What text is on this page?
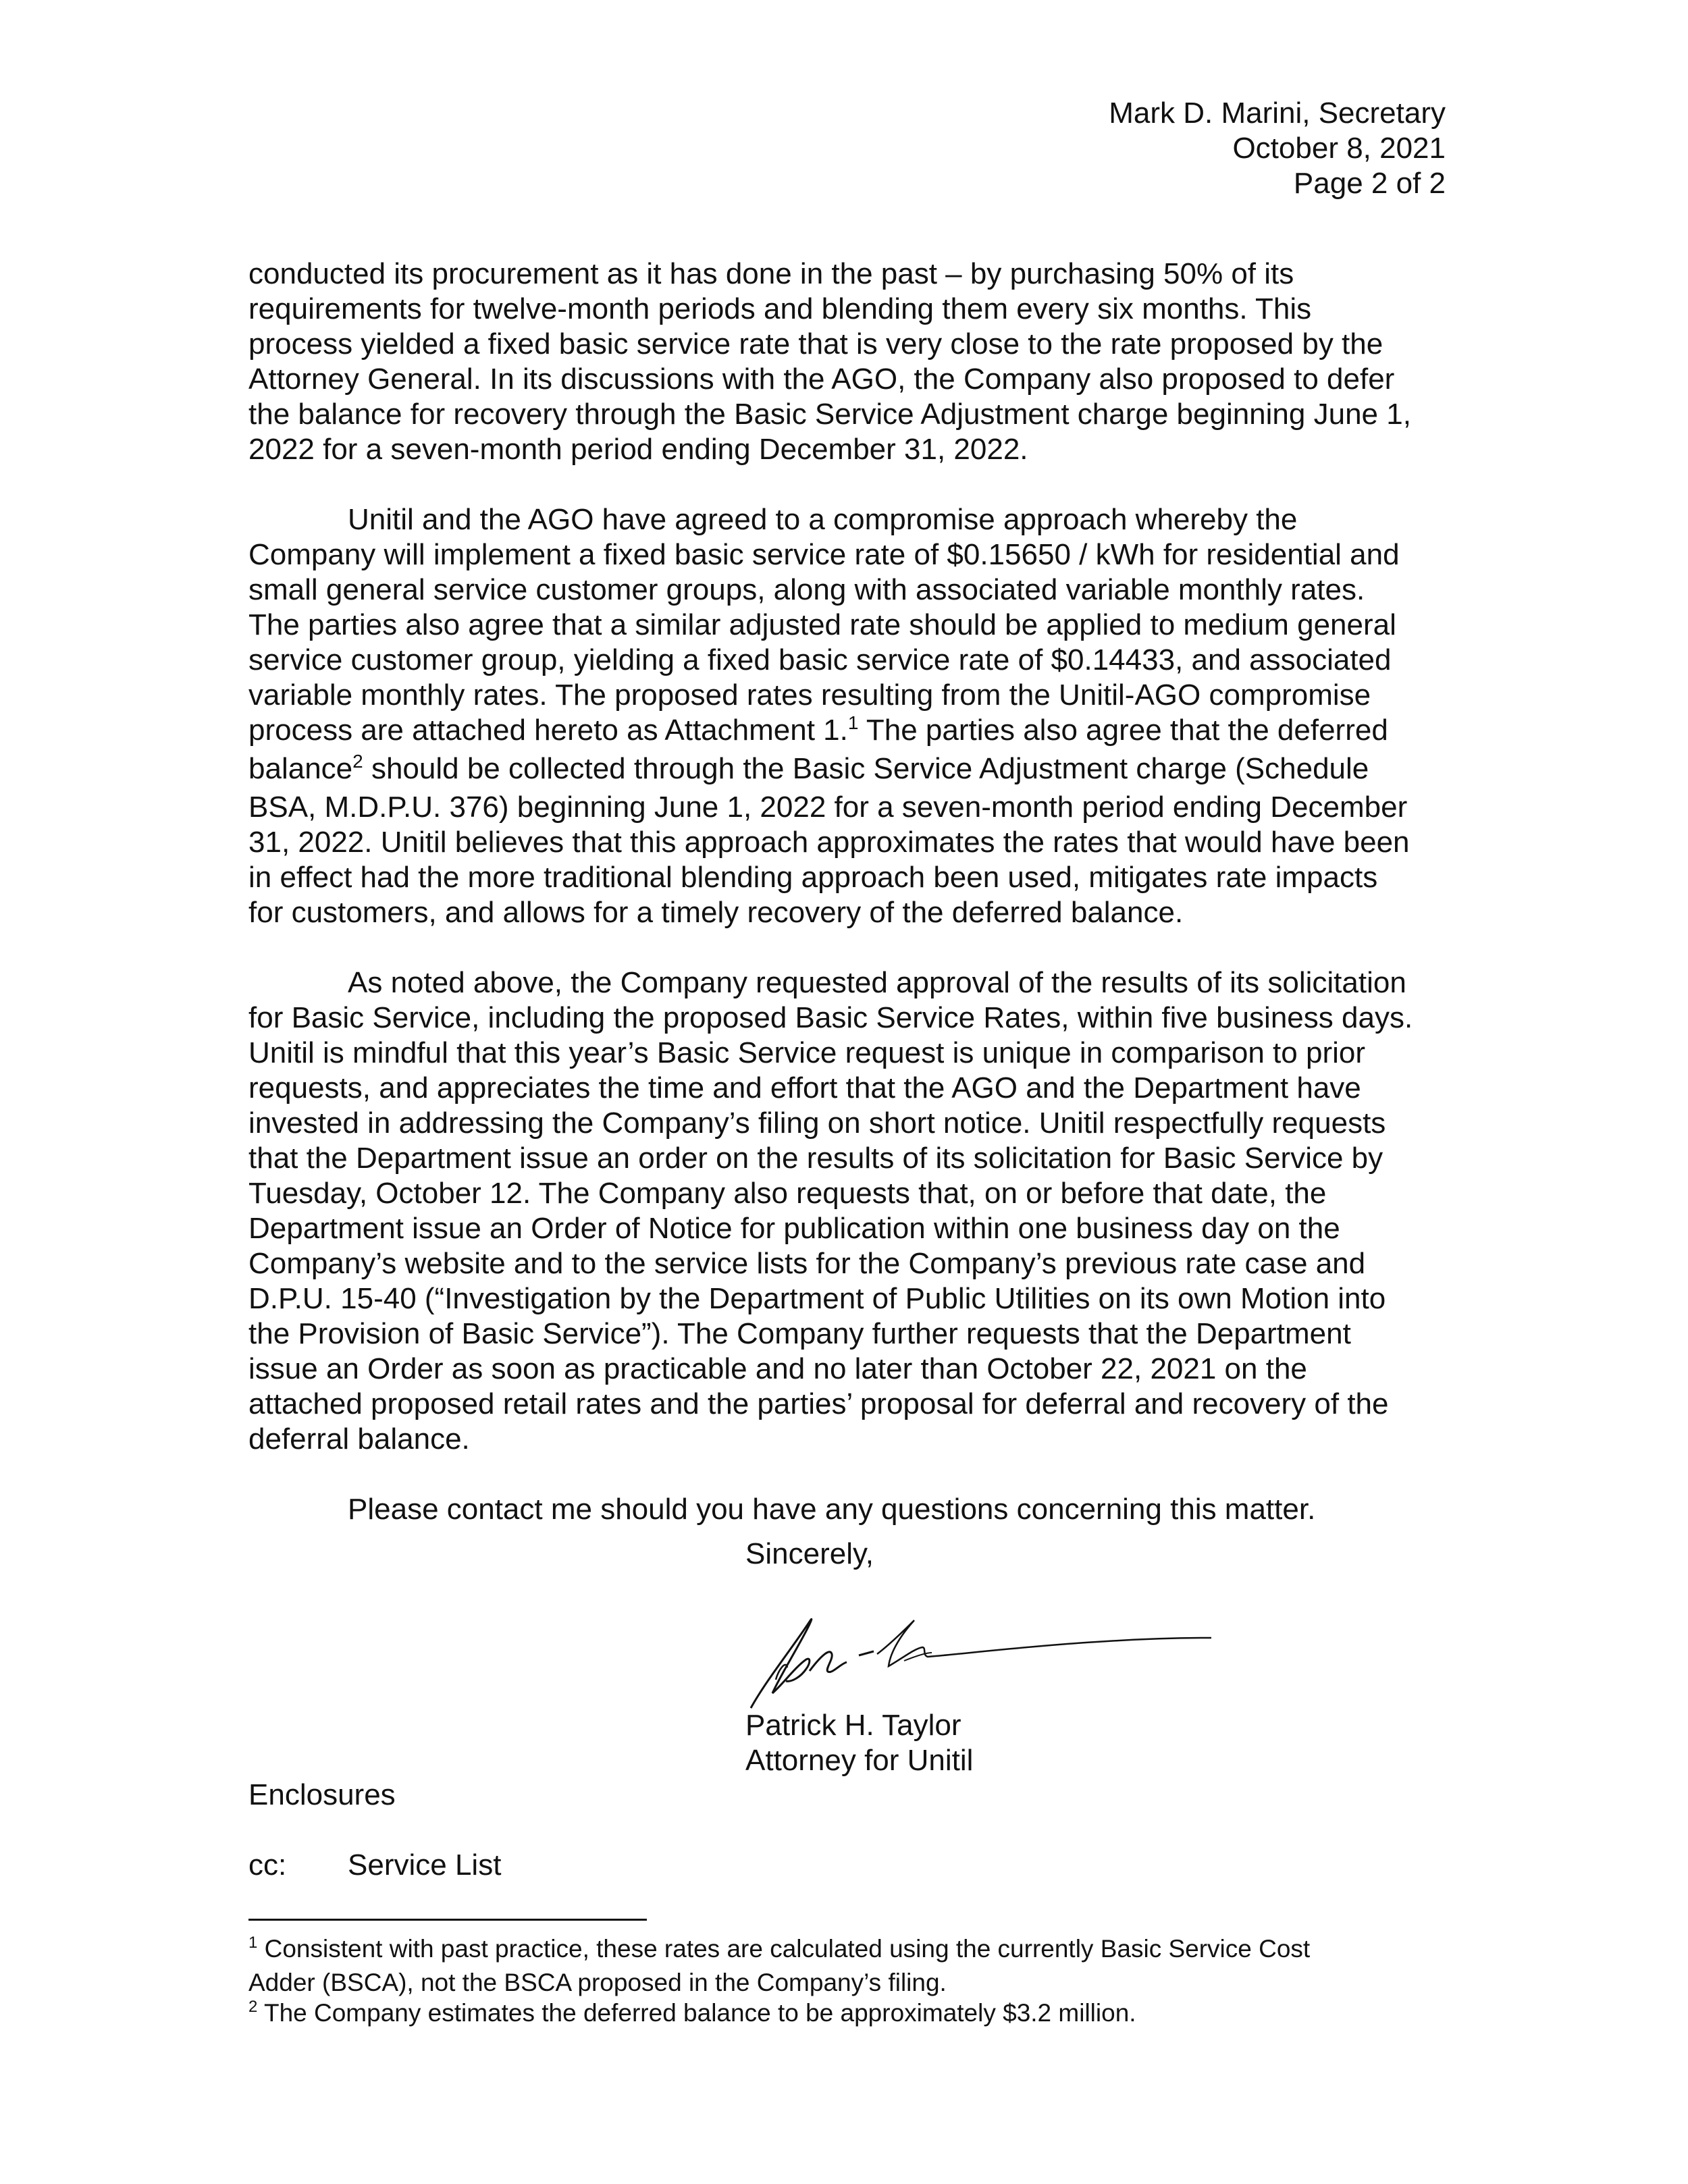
Mark D. Marini, Secretary
October 8, 2021
Page 2 of 2

conducted its procurement as it has done in the past – by purchasing 50% of its
requirements for twelve-month periods and blending them every six months. This
process yielded a fixed basic service rate that is very close to the rate proposed by the
Attorney General. In its discussions with the AGO, the Company also proposed to defer
the balance for recovery through the Basic Service Adjustment charge beginning June 1,
2022 for a seven-month period ending December 31, 2022.

Unitil and the AGO have agreed to a compromise approach whereby the
Company will implement a fixed basic service rate of $0.15650 / kWh for residential and
small general service customer groups, along with associated variable monthly rates.
The parties also agree that a similar adjusted rate should be applied to medium general
service customer group, yielding a fixed basic service rate of $0.14433, and associated
variable monthly rates. The proposed rates resulting from the Unitil-AGO compromise
process are attached hereto as Attachment 1.$^1$ The parties also agree that the deferred
balance$^2$ should be collected through the Basic Service Adjustment charge (Schedule
BSA, M.D.P.U. 376) beginning June 1, 2022 for a seven-month period ending December
31, 2022. Unitil believes that this approach approximates the rates that would have been
in effect had the more traditional blending approach been used, mitigates rate impacts
for customers, and allows for a timely recovery of the deferred balance.

As noted above, the Company requested approval of the results of its solicitation
for Basic Service, including the proposed Basic Service Rates, within five business days.
Unitil is mindful that this year’s Basic Service request is unique in comparison to prior
requests, and appreciates the time and effort that the AGO and the Department have
invested in addressing the Company’s filing on short notice. Unitil respectfully requests
that the Department issue an order on the results of its solicitation for Basic Service by
Tuesday, October 12. The Company also requests that, on or before that date, the
Department issue an Order of Notice for publication within one business day on the
Company’s website and to the service lists for the Company’s previous rate case and
D.P.U. 15-40 (“Investigation by the Department of Public Utilities on its own Motion into
the Provision of Basic Service”). The Company further requests that the Department
issue an Order as soon as practicable and no later than October 22, 2021 on the
attached proposed retail rates and the parties’ proposal for deferral and recovery of the
deferral balance.

Please contact me should you have any questions concerning this matter.

Sincerely,
Patrick H. Taylor
Attorney for Unitil
Enclosures
cc: Service List
$^1$ Consistent with past practice, these rates are calculated using the currently Basic Service Cost
Adder (BSCA), not the BSCA proposed in the Company’s filing.
$^2$ The Company estimates the deferred balance to be approximately $3.2 million.
